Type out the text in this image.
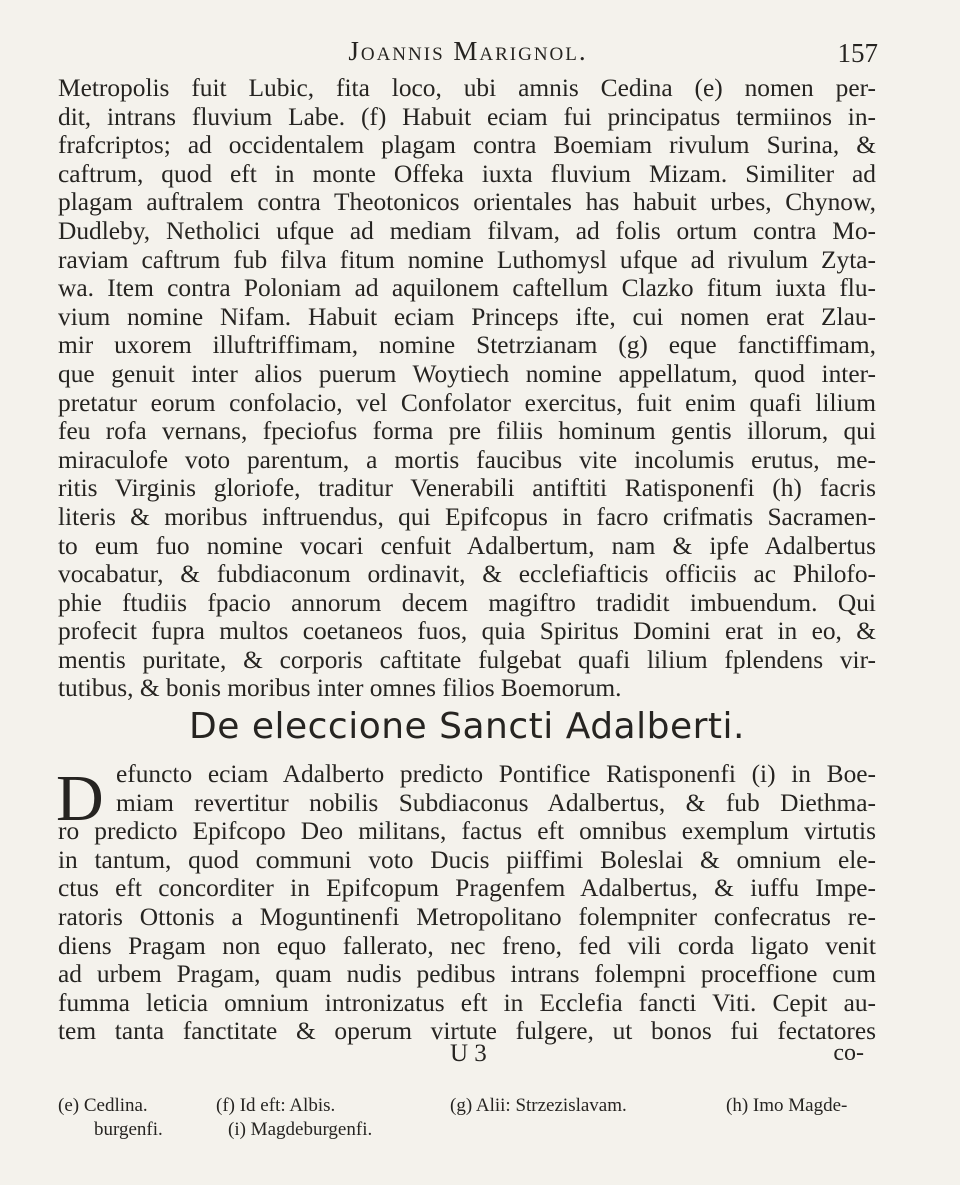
Joannis Marignol.	157
Metropolis fuit Lubic, fita loco, ubi amnis Cedina (e) nomen per-
dit, intrans fluvium Labe. (f) Habuit eciam fui principatus termiinos in-
frafcriptos; ad occidentalem plagam contra Boemiam rivulum Surina, &
caftrum, quod eft in monte Offeka iuxta fluvium Mizam. Similiter ad
plagam auftralem contra Theotonicos orientales has habuit urbes, Chynow,
Dudleby, Netholici ufque ad mediam filvam, ad folis ortum contra Mo-
raviam caftrum fub filva fitum nomine Luthomysl ufque ad rivulum Zyta-
wa. Item contra Poloniam ad aquilonem caftellum Clazko fitum iuxta flu-
vium nomine Nifam. Habuit eciam Princeps ifte, cui nomen erat Zlau-
mir uxorem illuftriffimam, nomine Stetrzianam (g) eque fanctiffimam,
que genuit inter alios puerum Woytiech nomine appellatum, quod inter-
pretatur eorum confolacio, vel Confolator exercitus, fuit enim quafi lilium
feu rofa vernans, fpeciofus forma pre filiis hominum gentis illorum, qui
miraculofe voto parentum, a mortis faucibus vite incolumis erutus, me-
ritis Virginis gloriofe, traditur Venerabili antiftiti Ratisponenfi (h) facris
literis & moribus inftruendus, qui Epifcopus in facro crifmatis Sacramen-
to eum fuo nomine vocari cenfuit Adalbertum, nam & ipfe Adalbertus
vocabatur, & fubdiaconum ordinavit, & ecclefiafticis officiis ac Philofo-
phie ftudiis fpacio annorum decem magiftro tradidit imbuendum. Qui
profecit fupra multos coetaneos fuos, quia Spiritus Domini erat in eo, &
mentis puritate, & corporis caftitate fulgebat quafi lilium fplendens vir-
tutibus, & bonis moribus inter omnes filios Boemorum.
De eleccione Sancti Adalberti.
D efuncto eciam Adalberto predicto Pontifice Ratisponenfi (i) in Boe-
miam revertitur nobilis Subdiaconus Adalbertus, & fub Diethma-
ro predicto Epifcopo Deo militans, factus eft omnibus exemplum virtutis
in tantum, quod communi voto Ducis piiffimi Boleslai & omnium ele-
ctus eft concorditer in Epifcopum Pragenfem Adalbertus, & iuffu Impe-
ratoris Ottonis a Moguntinenfi Metropolitano folempniter confecratus re-
diens Pragam non equo fallerato, nec freno, fed vili corda ligato venit
ad urbem Pragam, quam nudis pedibus intrans folempni proceffione cum
fumma leticia omnium intronizatus eft in Ecclefia fancti Viti. Cepit au-
tem tanta fanctitate & operum virtute fulgere, ut bonos fui fectatores
U 3	co-
(e) Cedlina.	(f) Id eft: Albis.	(g) Alii: Strzezislavam.	(h) Imo Magde-
burgenfi.	(i) Magdeburgenfi.
